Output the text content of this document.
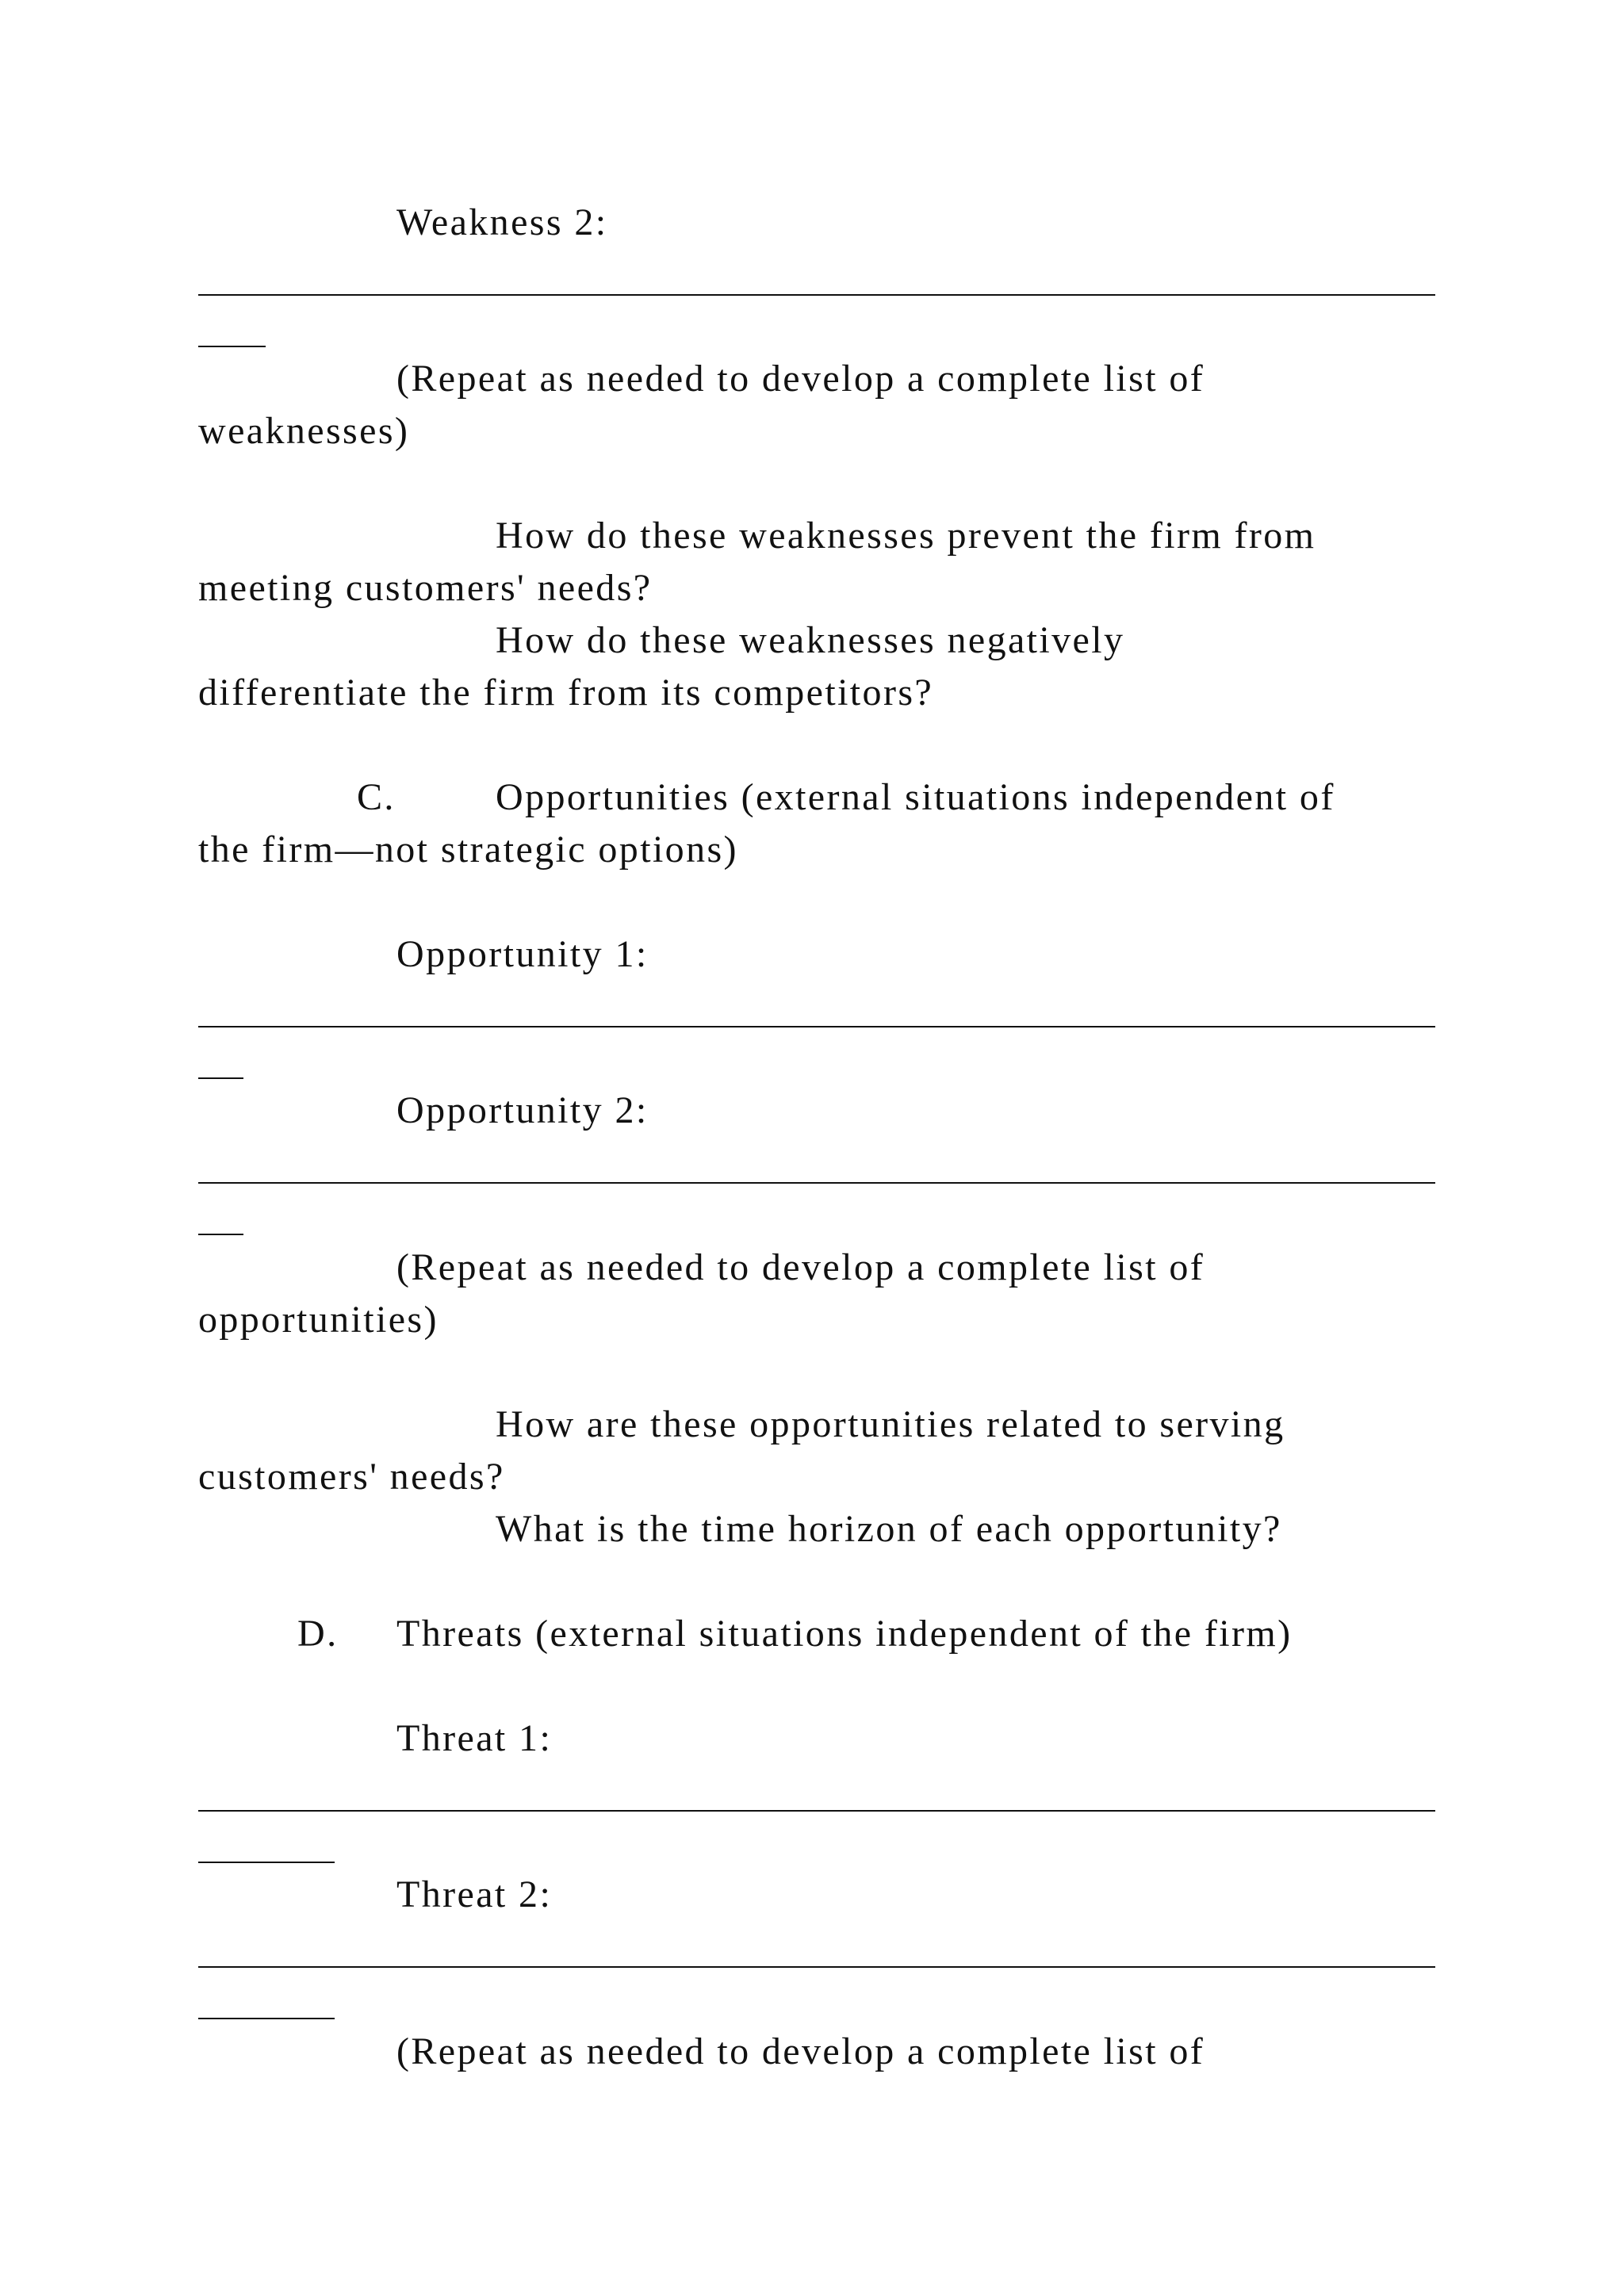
Weakness 2:
(Repeat as needed to develop a complete list of
weaknesses)
How do these weaknesses prevent the firm from
meeting customers' needs?
How do these weaknesses negatively
differentiate the firm from its competitors?
C.	Opportunities (external situations independent of
the firm—not strategic options)
Opportunity 1:
Opportunity 2:
(Repeat as needed to develop a complete list of
opportunities)
How are these opportunities related to serving
customers' needs?
What is the time horizon of each opportunity?
D. Threats (external situations independent of the firm)
Threat 1:
Threat 2:
(Repeat as needed to develop a complete list of
